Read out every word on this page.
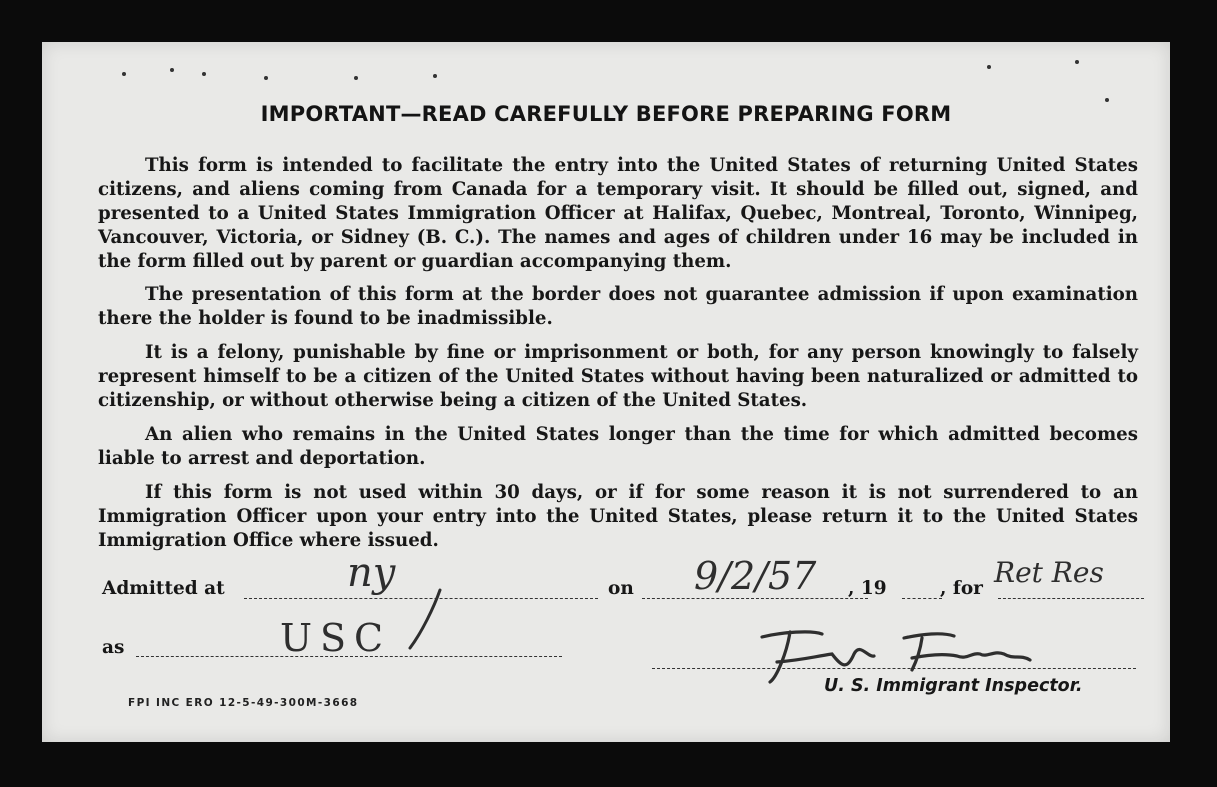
IMPORTANT—READ CAREFULLY BEFORE PREPARING FORM

This form is intended to facilitate the entry into the United States of returning United States citizens, and aliens coming from Canada for a temporary visit. It should be filled out, signed, and presented to a United States Immigration Officer at Halifax, Quebec, Montreal, Toronto, Winnipeg, Vancouver, Victoria, or Sidney (B. C.). The names and ages of children under 16 may be included in the form filled out by parent or guardian accompanying them.

The presentation of this form at the border does not guarantee admission if upon examination there the holder is found to be inadmissible.

It is a felony, punishable by fine or imprisonment or both, for any person knowingly to falsely represent himself to be a citizen of the United States without having been naturalized or admitted to citizenship, or without otherwise being a citizen of the United States.

An alien who remains in the United States longer than the time for which admitted becomes liable to arrest and deportation.

If this form is not used within 30 days, or if for some reason it is not surrendered to an Immigration Officer upon your entry into the United States, please return it to the United States Immigration Office where issued.

Admitted at	ny	on 9/2/57 , 19	, for Ret Res
as	USC
U. S. Immigrant Inspector.
FPI INC ERO 12-5-49-300M-3668
